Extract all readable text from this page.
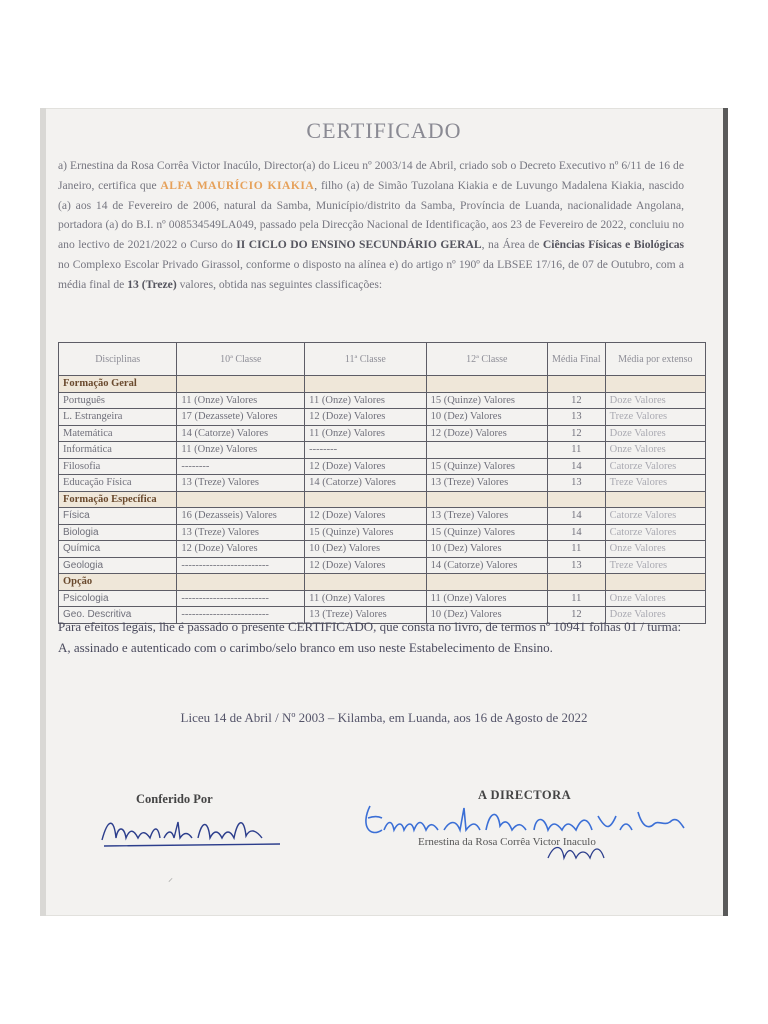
CERTIFICADO
a) Ernestina da Rosa Corrêa Victor Inacúlo, Director(a) do Liceu nº 2003/14 de Abril, criado sob o Decreto Executivo nº 6/11 de 16 de Janeiro, certifica que ALFA MAURÍCIO KIAKIA, filho (a) de Simão Tuzolana Kiakia e de Luvungo Madalena Kiakia, nascido (a) aos 14 de Fevereiro de 2006, natural da Samba, Município/distrito da Samba, Província de Luanda, nacionalidade Angolana, portadora (a) do B.I. nº 008534549LA049, passado pela Direcção Nacional de Identificação, aos 23 de Fevereiro de 2022, concluiu no ano lectivo de 2021/2022 o Curso do II CICLO DO ENSINO SECUNDÁRIO GERAL, na Área de Ciências Físicas e Biológicas no Complexo Escolar Privado Girassol, conforme o disposto na alínea e) do artigo nº 190º da LBSEE 17/16, de 07 de Outubro, com a média final de 13 (Treze) valores, obtida nas seguintes classificações:
Disciplinas	10ª Classe	11ª Classe	12ª Classe	Média Final	Média por extenso
Formação Geral					
Português	11 (Onze) Valores	11 (Onze) Valores	15 (Quinze) Valores	12	Doze Valores
L. Estrangeira	17 (Dezassete) Valores	12 (Doze) Valores	10 (Dez) Valores	13	Treze Valores
Matemática	14 (Catorze) Valores	11 (Onze) Valores	12 (Doze) Valores	12	Doze Valores
Informática	11 (Onze) Valores	--------		11	Onze Valores
Filosofia	--------	12 (Doze) Valores	15 (Quinze) Valores	14	Catorze Valores
Educação Física	13 (Treze) Valores	14 (Catorze) Valores	13 (Treze) Valores	13	Treze Valores
Formação Específica					
Física	16 (Dezasseis) Valores	12 (Doze) Valores	13 (Treze) Valores	14	Catorze Valores
Biologia	13 (Treze) Valores	15 (Quinze) Valores	15 (Quinze) Valores	14	Catorze Valores
Química	12 (Doze) Valores	10 (Dez) Valores	10 (Dez) Valores	11	Onze Valores
Geologia	-------------------------	12 (Doze) Valores	14 (Catorze) Valores	13	Treze Valores
Opção					
Psicologia	-------------------------	11 (Onze) Valores	11 (Onze) Valores	11	Onze Valores
Geo. Descritiva	-------------------------	13 (Treze) Valores	10 (Dez) Valores	12	Doze Valores
Para efeitos legais, lhe é passado o presente CERTIFICADO, que consta no livro, de termos nº 10941 folhas 01 / turma: A, assinado e autenticado com o carimbo/selo branco em uso neste Estabelecimento de Ensino.
Liceu 14 de Abril / Nº 2003 – Kilamba, em Luanda, aos 16 de Agosto de 2022
Conferido Por	A DIRECTORA
Ernestina da Rosa Corrêa Victor Inaculo
⸝
